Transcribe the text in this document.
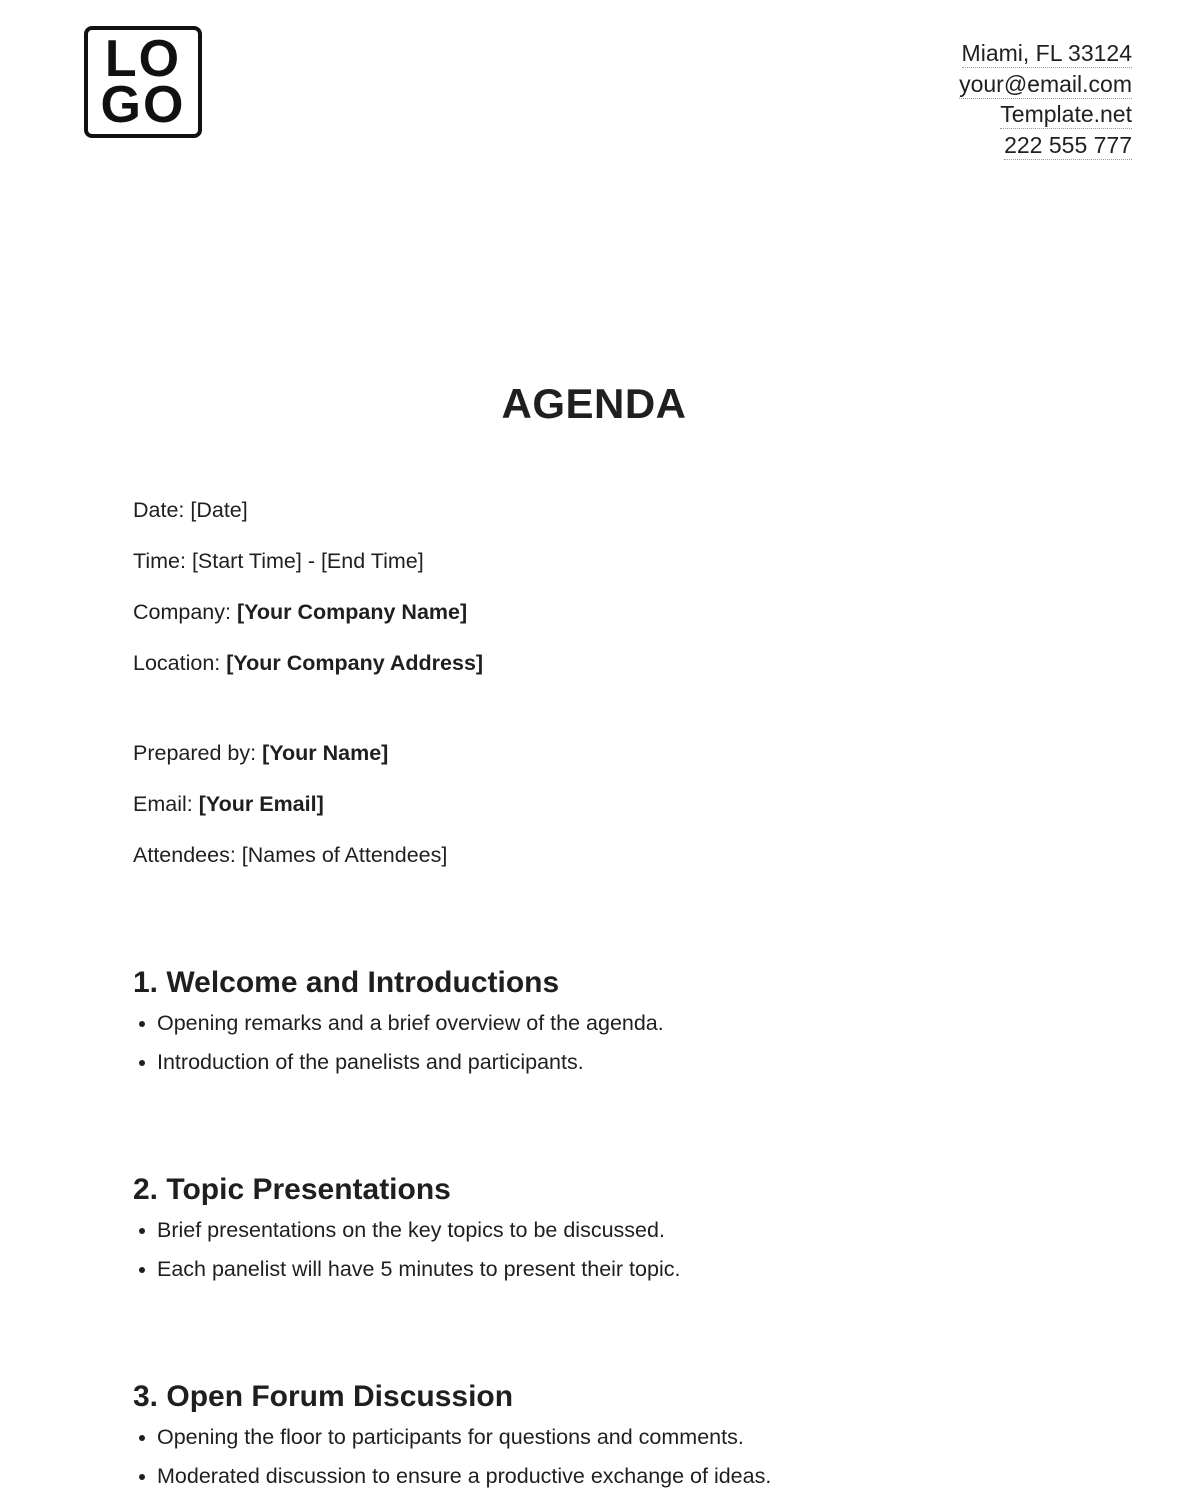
LO
GO
Miami, FL 33124
your@email.com
Template.net
222 555 777
AGENDA

Date: [Date]

Time: [Start Time] - [End Time]

Company: [Your Company Name]

Location: [Your Company Address]

Prepared by: [Your Name]

Email: [Your Email]

Attendees: [Names of Attendees]

1. Welcome and Introductions
Opening remarks and a brief overview of the agenda.
Introduction of the panelists and participants.
2. Topic Presentations
Brief presentations on the key topics to be discussed.
Each panelist will have 5 minutes to present their topic.
3. Open Forum Discussion
Opening the floor to participants for questions and comments.
Moderated discussion to ensure a productive exchange of ideas.
